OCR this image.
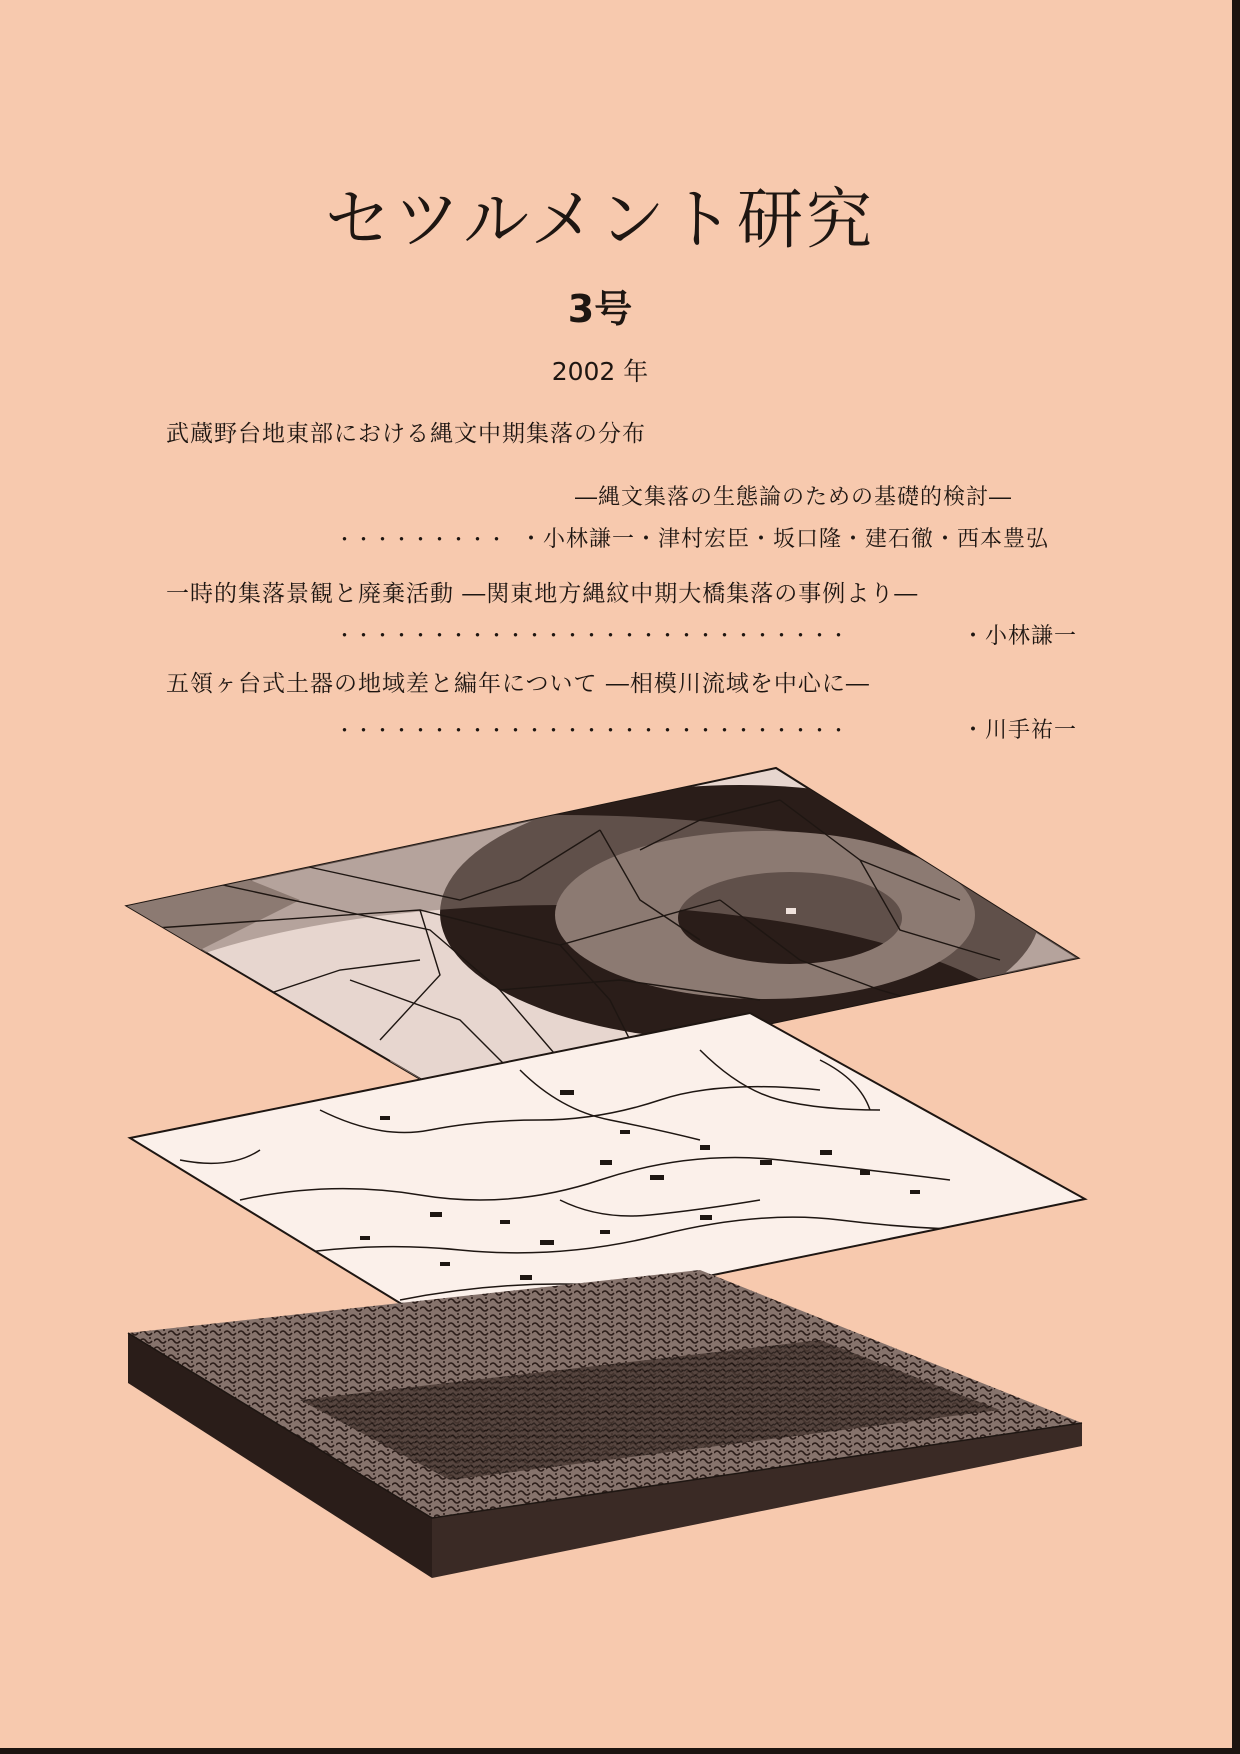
セツルメント研究
3号
2002 年
武蔵野台地東部における縄文中期集落の分布
―縄文集落の生態論のための基礎的検討―
・・・・・・・・・ ・小林謙一・津村宏臣・坂口隆・建石徹・西本豊弘
一時的集落景観と廃棄活動 ―関東地方縄紋中期大橋集落の事例より―
・・・・・・・・・・・・・・・・・・・・・・・・・・・	・小林謙一
五領ヶ台式土器の地域差と編年について ―相模川流域を中心に―
・・・・・・・・・・・・・・・・・・・・・・・・・・・	・川手祐一
